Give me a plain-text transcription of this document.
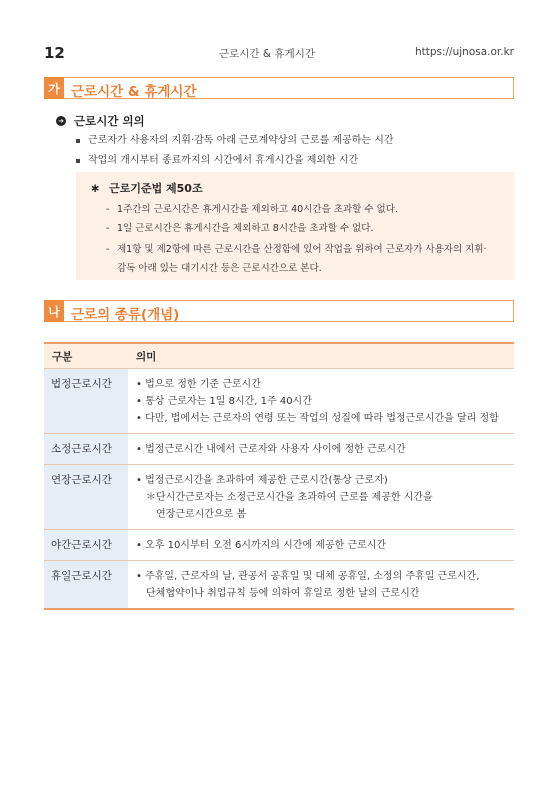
12	근로시간 & 휴게시간	https://ujnosa.or.kr
가 근로시간 & 휴게시간
➜ 근로시간 의의
근로자가 사용자의 지휘·감독 아래 근로계약상의 근로를 제공하는 시간
작업의 개시부터 종료까지의 시간에서 휴게시간을 제외한 시간
∗ 근로기준법 제50조
- 1주간의 근로시간은 휴게시간을 제외하고 40시간을 초과할 수 없다.
- 1일 근로시간은 휴게시간을 제외하고 8시간을 초과할 수 없다.
- 제1항 및 제2항에 따른 근로시간을 산정함에 있어 작업을 위하여 근로자가 사용자의 지휘·
감독 아래 있는 대기시간 등은 근로시간으로 본다.
나 근로의 종류(개념)
구분	의미
법정근로시간	• 법으로 정한 기준 근로시간
• 통상 근로자는 1일 8시간, 1주 40시간
• 다만, 법에서는 근로자의 연령 또는 작업의 성질에 따라 법정근로시간을 달리 정함

소정근로시간	• 법정근로시간 내에서 근로자와 사용자 사이에 정한 근로시간

연장근로시간	• 법정근로시간을 초과하여 제공한 근로시간(통상 근로자)
＊단시간근로자는 소정근로시간을 초과하여 근로를 제공한 시간을
연장근로시간으로 봄

야간근로시간	• 오후 10시부터 오전 6시까지의 시간에 제공한 근로시간

휴일근로시간	• 주휴일, 근로자의 날, 관공서 공휴일 및 대체 공휴일, 소정의 주휴일 근로시간,
단체협약이나 취업규칙 등에 의하여 휴일로 정한 날의 근로시간
